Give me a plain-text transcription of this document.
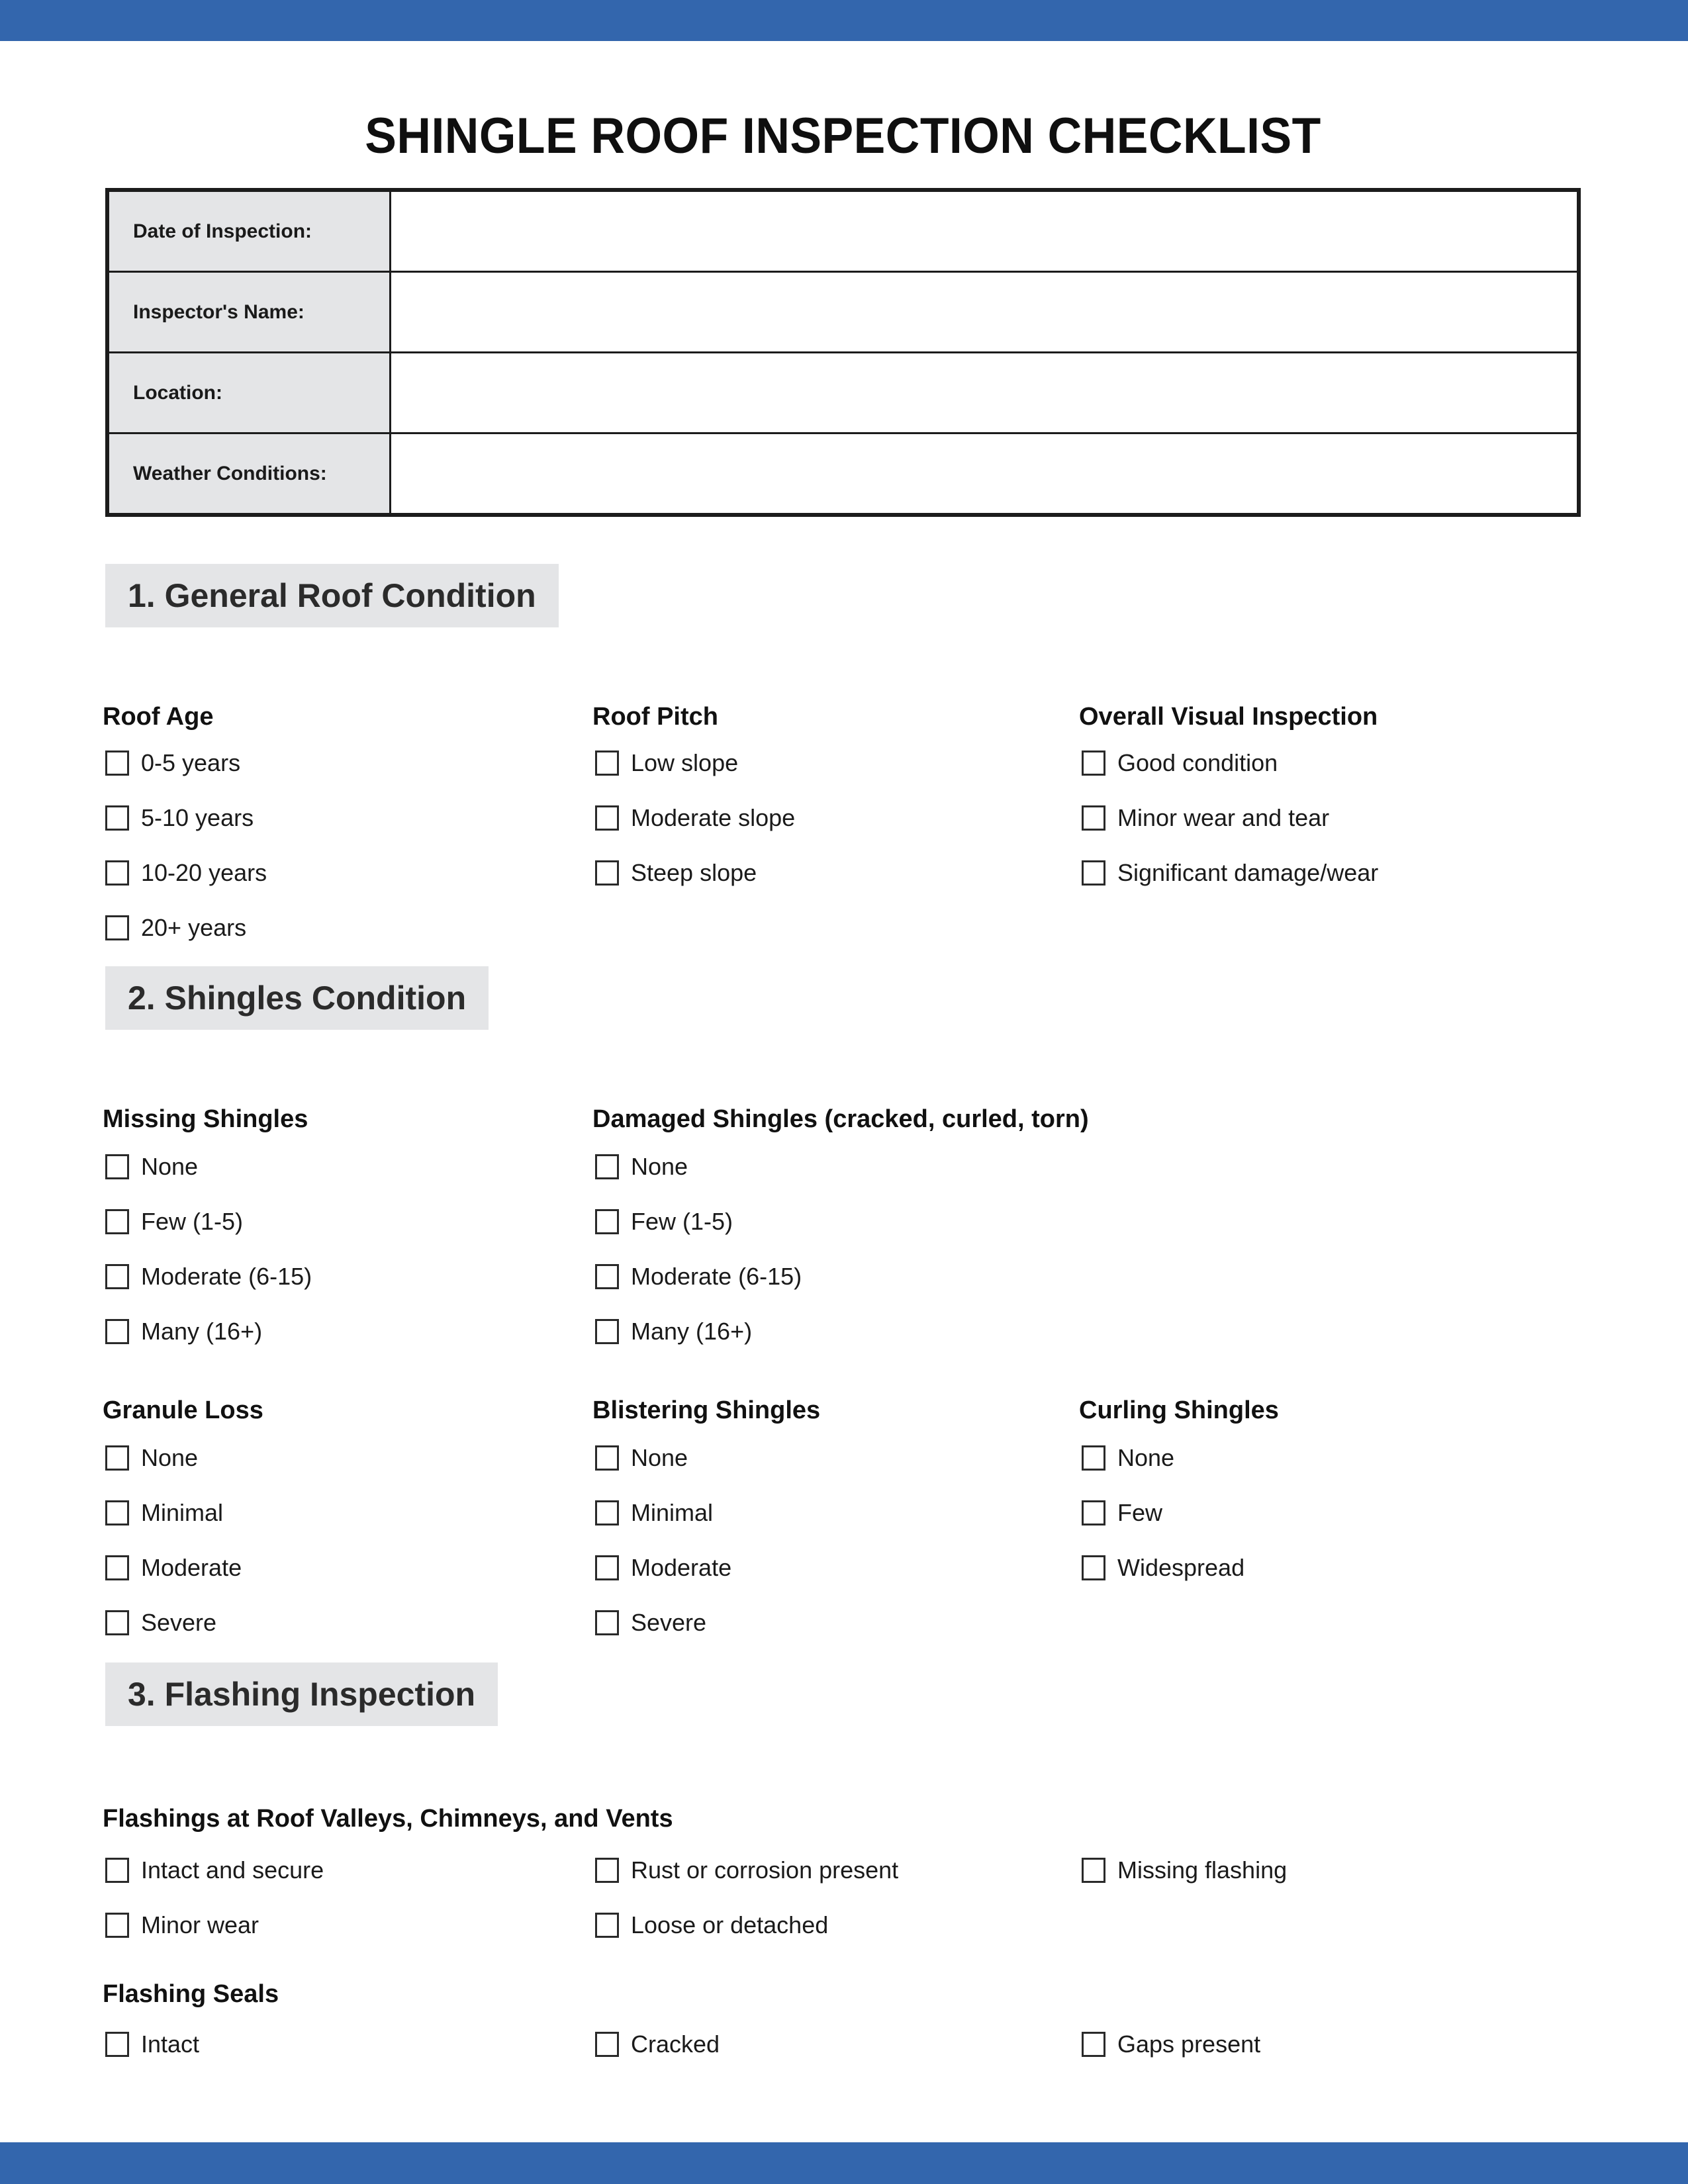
SHINGLE ROOF INSPECTION CHECKLIST
Date of Inspection:	
Inspector's Name:	
Location:	
Weather Conditions:	
1. General Roof Condition
Roof Age
0-5 years
5-10 years
10-20 years
20+ years
Roof Pitch
Low slope
Moderate slope
Steep slope
Overall Visual Inspection
Good condition
Minor wear and tear
Significant damage/wear
2. Shingles Condition
Missing Shingles
None
Few (1-5)
Moderate (6-15)
Many (16+)
Damaged Shingles (cracked, curled, torn)
None
Few (1-5)
Moderate (6-15)
Many (16+)
Granule Loss
None
Minimal
Moderate
Severe
Blistering Shingles
None
Minimal
Moderate
Severe
Curling Shingles
None
Few
Widespread
3. Flashing Inspection
Flashings at Roof Valleys, Chimneys, and Vents
Intact and secure
Minor wear
Rust or corrosion present
Loose or detached
Missing flashing
Flashing Seals
Intact	Cracked	Gaps present
